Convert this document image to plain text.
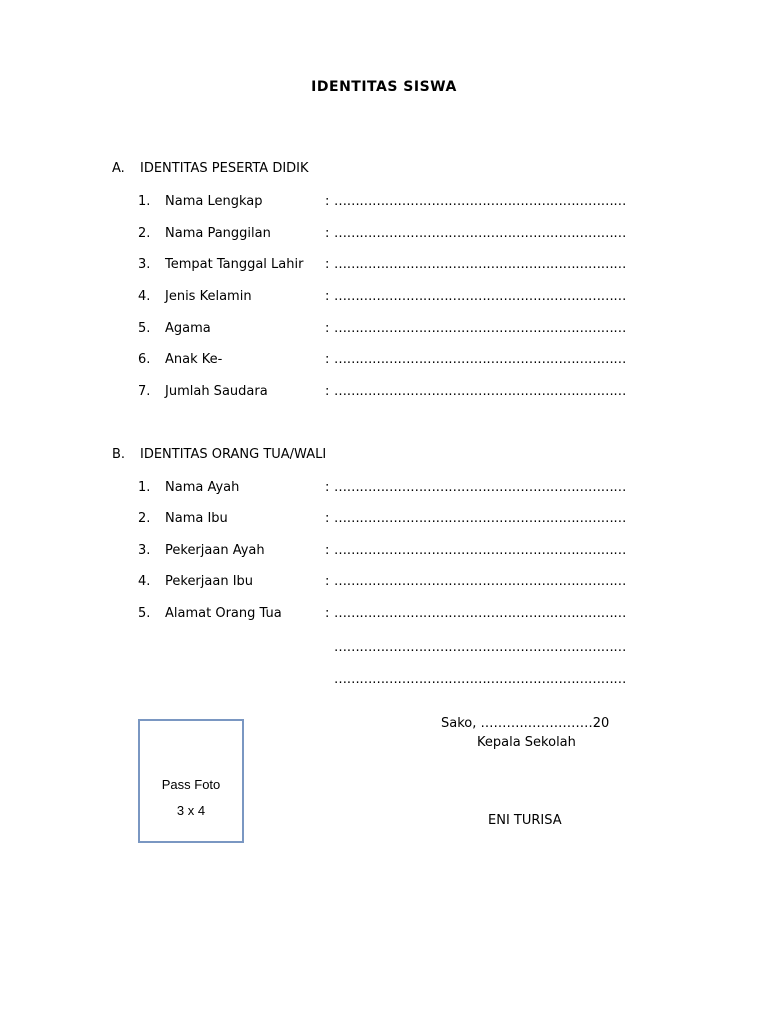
IDENTITAS SISWA
A. IDENTITAS PESERTA DIDIK
1. Nama Lengkap	: ……………………………………………………………
2. Nama Panggilan	: ……………………………………………………………
3. Tempat Tanggal Lahir : ……………………………………………………………
4. Jenis Kelamin	: ……………………………………………………………
5. Agama	: ……………………………………………………………
6. Anak Ke-	: ……………………………………………………………
7. Jumlah Saudara	: ……………………………………………………………
B. IDENTITAS ORANG TUA/WALI
1. Nama Ayah	: ……………………………………………………………
2. Nama Ibu	: ……………………………………………………………
3. Pekerjaan Ayah	: ……………………………………………………………
4. Pekerjaan Ibu	: ……………………………………………………………
5. Alamat Orang Tua	: ……………………………………………………………
……………………………………………………………
……………………………………………………………
Pass Foto
3 x 4
Sako, ………..……………20
Kepala Sekolah
ENI TURISA
